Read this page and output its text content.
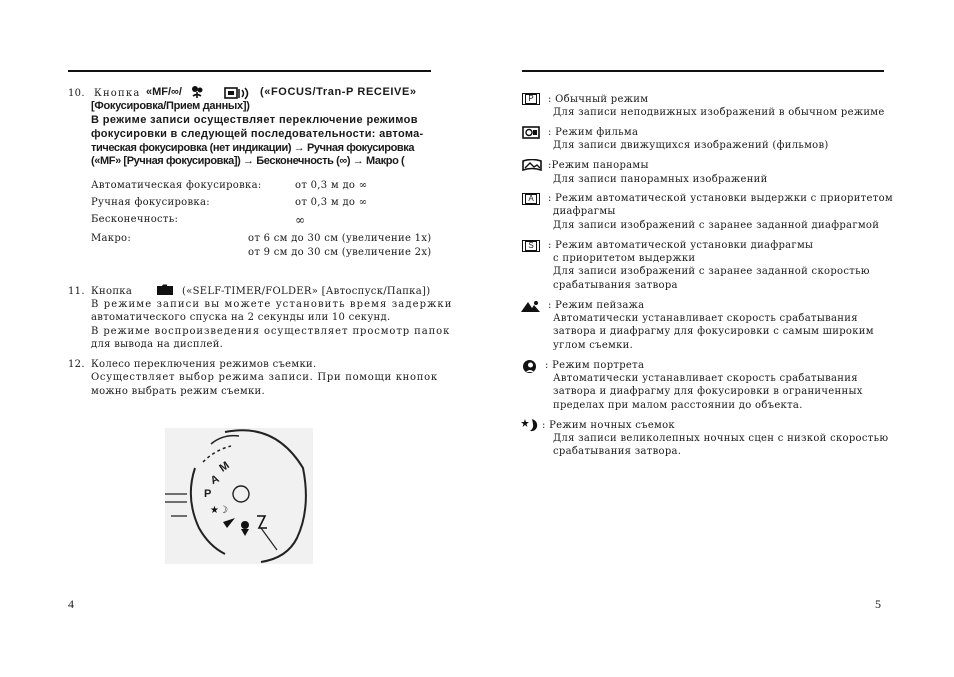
10. Кнопка «MF/∞/	(«FOCUS/Tran-P RECEIVE»
[Фокусировка/Прием данных])
В режиме записи осуществляет переключение режимов
фокусировки в следующей последовательности: автома-
тическая фокусировка (нет индикации) → Ручная фокусировка
(«MF» [Ручная фокусировка]) → Бесконечность (∞) → Макро (
Автоматическая фокусировка:	от 0,3 м до ∞
Ручная фокусировка:	от 0,3 м до ∞
Бесконечность:	∞
Макро:	от 6 см до 30 см (увеличение 1x)
от 9 см до 30 см (увеличение 2x)
11. Кнопка	(«SELF-TIMER/FOLDER» [Автоспуск/Папка])
В режиме записи вы можете установить время задержки
автоматического спуска на 2 секунды или 10 секунд.
В режиме воспроизведения осуществляет просмотр папок
для вывода на дисплей.
12. Колесо переключения режимов съемки.
Осуществляет выбор режима записи. При помощи кнопок
можно выбрать режим съемки.
★☽
M
A
P
4
P	: Обычный режим
Для записи неподвижных изображений в обычном режиме
: Режим фильма
Для записи движущихся изображений (фильмов)
:Режим панорамы
Для записи панорамных изображений
A	: Режим автоматической установки выдержки с приоритетом
диафрагмы
Для записи изображений с заранее заданной диафрагмой
S	: Режим автоматической установки диафрагмы
с приоритетом выдержки
Для записи изображений с заранее заданной скоростью
срабатывания затвора
: Режим пейзажа
Автоматически устанавливает скорость срабатывания
затвора и диафрагму для фокусировки с самым широким
углом съемки.
: Режим портрета
Автоматически устанавливает скорость срабатывания
затвора и диафрагму для фокусировки в ограниченных
пределах при малом расстоянии до объекта.
: Режим ночных съемок
Для записи великолепных ночных сцен с низкой скоростью
срабатывания затвора.
5
